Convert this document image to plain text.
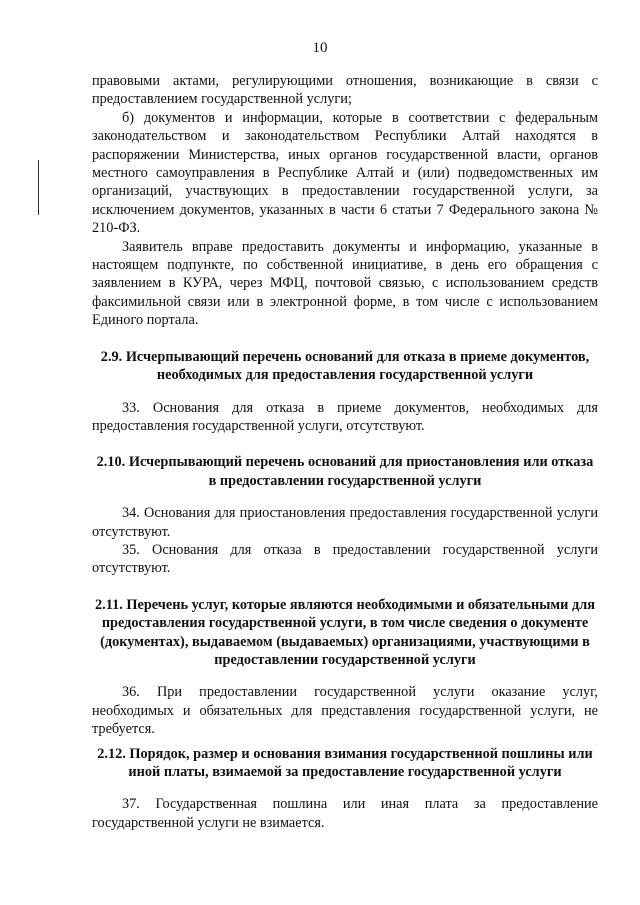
10

правовыми актами, регулирующими отношения, возникающие в связи с предоставлением государственной услуги;

б) документов и информации, которые в соответствии с федеральным законодательством и законодательством Республики Алтай находятся в распоряжении Министерства, иных органов государственной власти, органов местного самоуправления в Республике Алтай и (или) подведомственных им организаций, участвующих в предоставлении государственной услуги, за исключением документов, указанных в части 6 статьи 7 Федерального закона № 210-ФЗ.

Заявитель вправе предоставить документы и информацию, указанные в настоящем подпункте, по собственной инициативе, в день его обращения с заявлением в КУРА, через МФЦ, почтовой связью, с использованием средств факсимильной связи или в электронной форме, в том числе с использованием Единого портала.

2.9. Исчерпывающий перечень оснований для отказа в приеме документов, необходимых для предоставления государственной услуги

33. Основания для отказа в приеме документов, необходимых для предоставления государственной услуги, отсутствуют.

2.10. Исчерпывающий перечень оснований для приостановления или отказа в предоставлении государственной услуги

34. Основания для приостановления предоставления государственной услуги отсутствуют.

35. Основания для отказа в предоставлении государственной услуги отсутствуют.

2.11. Перечень услуг, которые являются необходимыми и обязательными для предоставления государственной услуги, в том числе сведения о документе (документах), выдаваемом (выдаваемых) организациями, участвующими в предоставлении государственной услуги

36. При предоставлении государственной услуги оказание услуг, необходимых и обязательных для представления государственной услуги, не требуется.

2.12. Порядок, размер и основания взимания государственной пошлины или иной платы, взимаемой за предоставление государственной услуги

37. Государственная пошлина или иная плата за предоставление государственной услуги не взимается.
